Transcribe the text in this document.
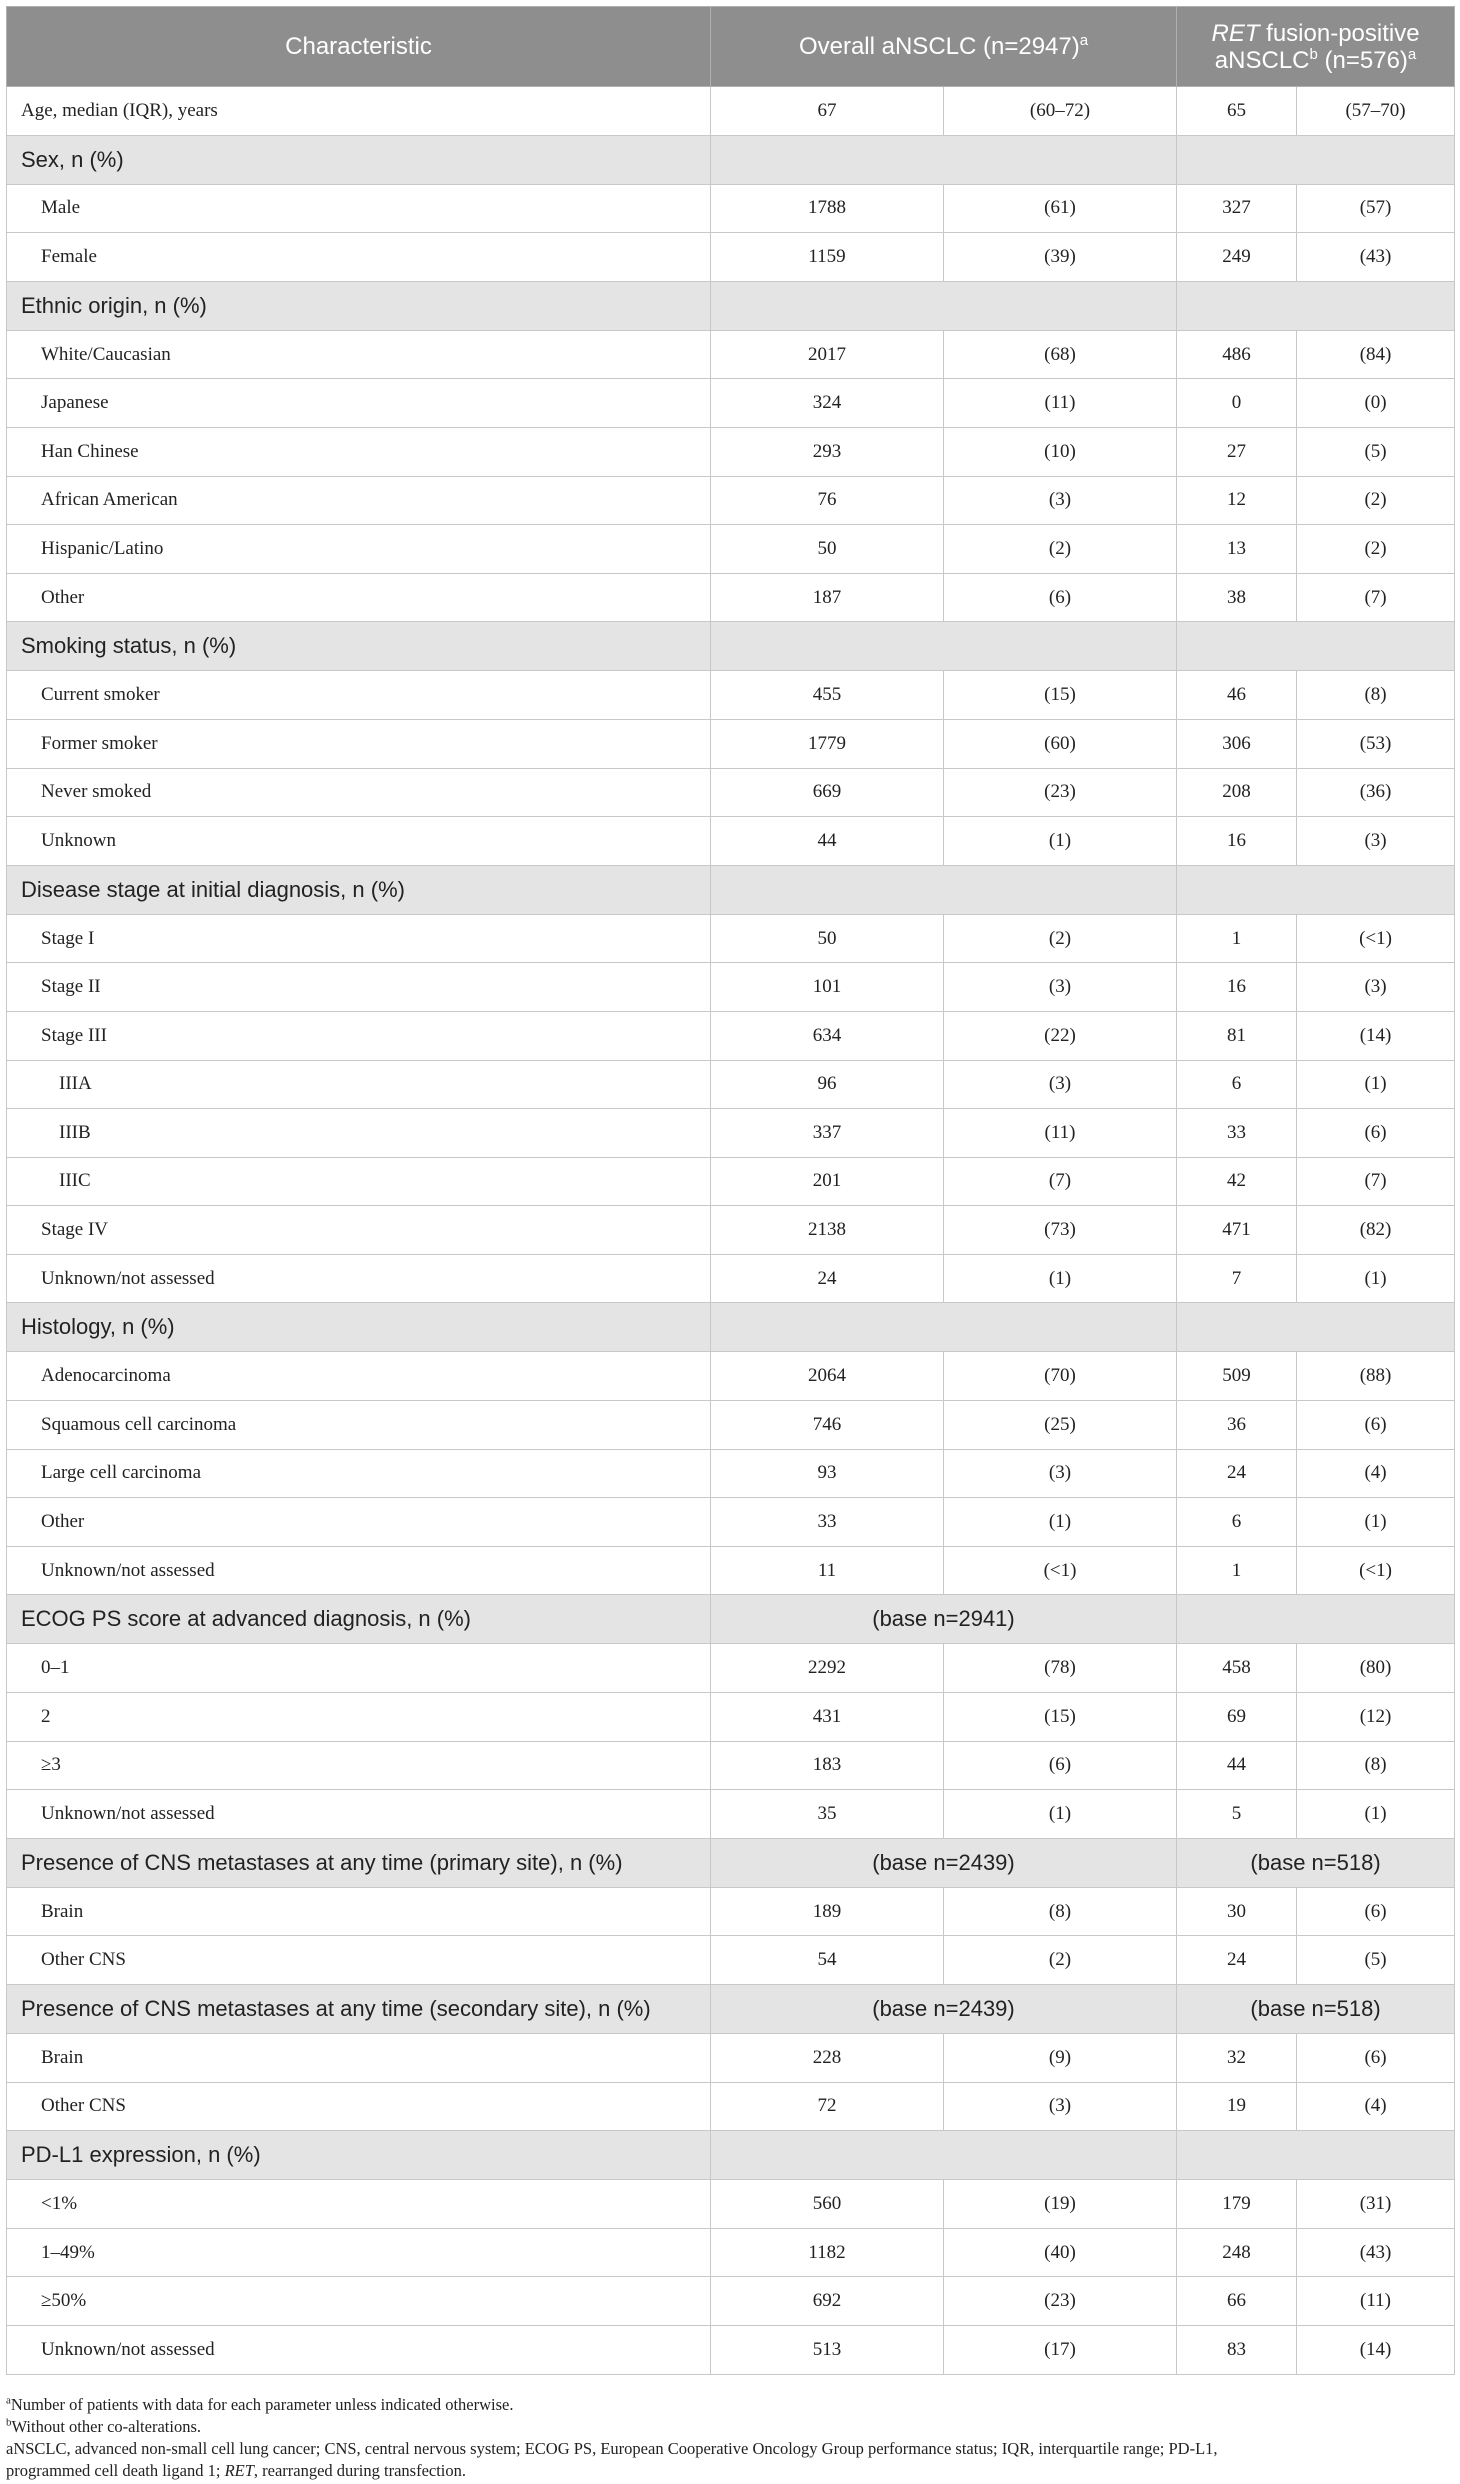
Characteristic	Overall aNSCLC (n=2947)$^a$		RET fusion-positive
aNSCLC$^b$ (n=576)$^a$
Age, median (IQR), years	67	(60–72)	65	(57–70)
Sex, n (%)				
Male	1788	(61)	327	(57)
Female	1159	(39)	249	(43)
Ethnic origin, n (%)				
White/Caucasian	2017	(68)	486	(84)
Japanese	324	(11)	0	(0)
Han Chinese	293	(10)	27	(5)
African American	76	(3)	12	(2)
Hispanic/Latino	50	(2)	13	(2)
Other	187	(6)	38	(7)
Smoking status, n (%)				
Current smoker	455	(15)	46	(8)
Former smoker	1779	(60)	306	(53)
Never smoked	669	(23)	208	(36)
Unknown	44	(1)	16	(3)
Disease stage at initial diagnosis, n (%)				
Stage I	50	(2)	1	(<1)
Stage II	101	(3)	16	(3)
Stage III	634	(22)	81	(14)
IIIA	96	(3)	6	(1)
IIIB	337	(11)	33	(6)
IIIC	201	(7)	42	(7)
Stage IV	2138	(73)	471	(82)
Unknown/not assessed	24	(1)	7	(1)
Histology, n (%)				
Adenocarcinoma	2064	(70)	509	(88)
Squamous cell carcinoma	746	(25)	36	(6)
Large cell carcinoma	93	(3)	24	(4)
Other	33	(1)	6	(1)
Unknown/not assessed	11	(<1)	1	(<1)
ECOG PS score at advanced diagnosis, n (%)	(base n=2941)			
0–1	2292	(78)	458	(80)
2	431	(15)	69	(12)
≥3	183	(6)	44	(8)
Unknown/not assessed	35	(1)	5	(1)
Presence of CNS metastases at any time (primary site), n (%)	(base n=2439)		(base n=518)	
Brain	189	(8)	30	(6)
Other CNS	54	(2)	24	(5)
Presence of CNS metastases at any time (secondary site), n (%)	(base n=2439)		(base n=518)	
Brain	228	(9)	32	(6)
Other CNS	72	(3)	19	(4)
PD-L1 expression, n (%)				
<1%	560	(19)	179	(31)
1–49%	1182	(40)	248	(43)
≥50%	692	(23)	66	(11)
Unknown/not assessed	513	(17)	83	(14)
$^a$Number of patients with data for each parameter unless indicated otherwise.
$^b$Without other co-alterations.
aNSCLC, advanced non-small cell lung cancer; CNS, central nervous system; ECOG PS, European Cooperative Oncology Group performance status; IQR, interquartile range; PD-L1,
programmed cell death ligand 1; RET, rearranged during transfection.
